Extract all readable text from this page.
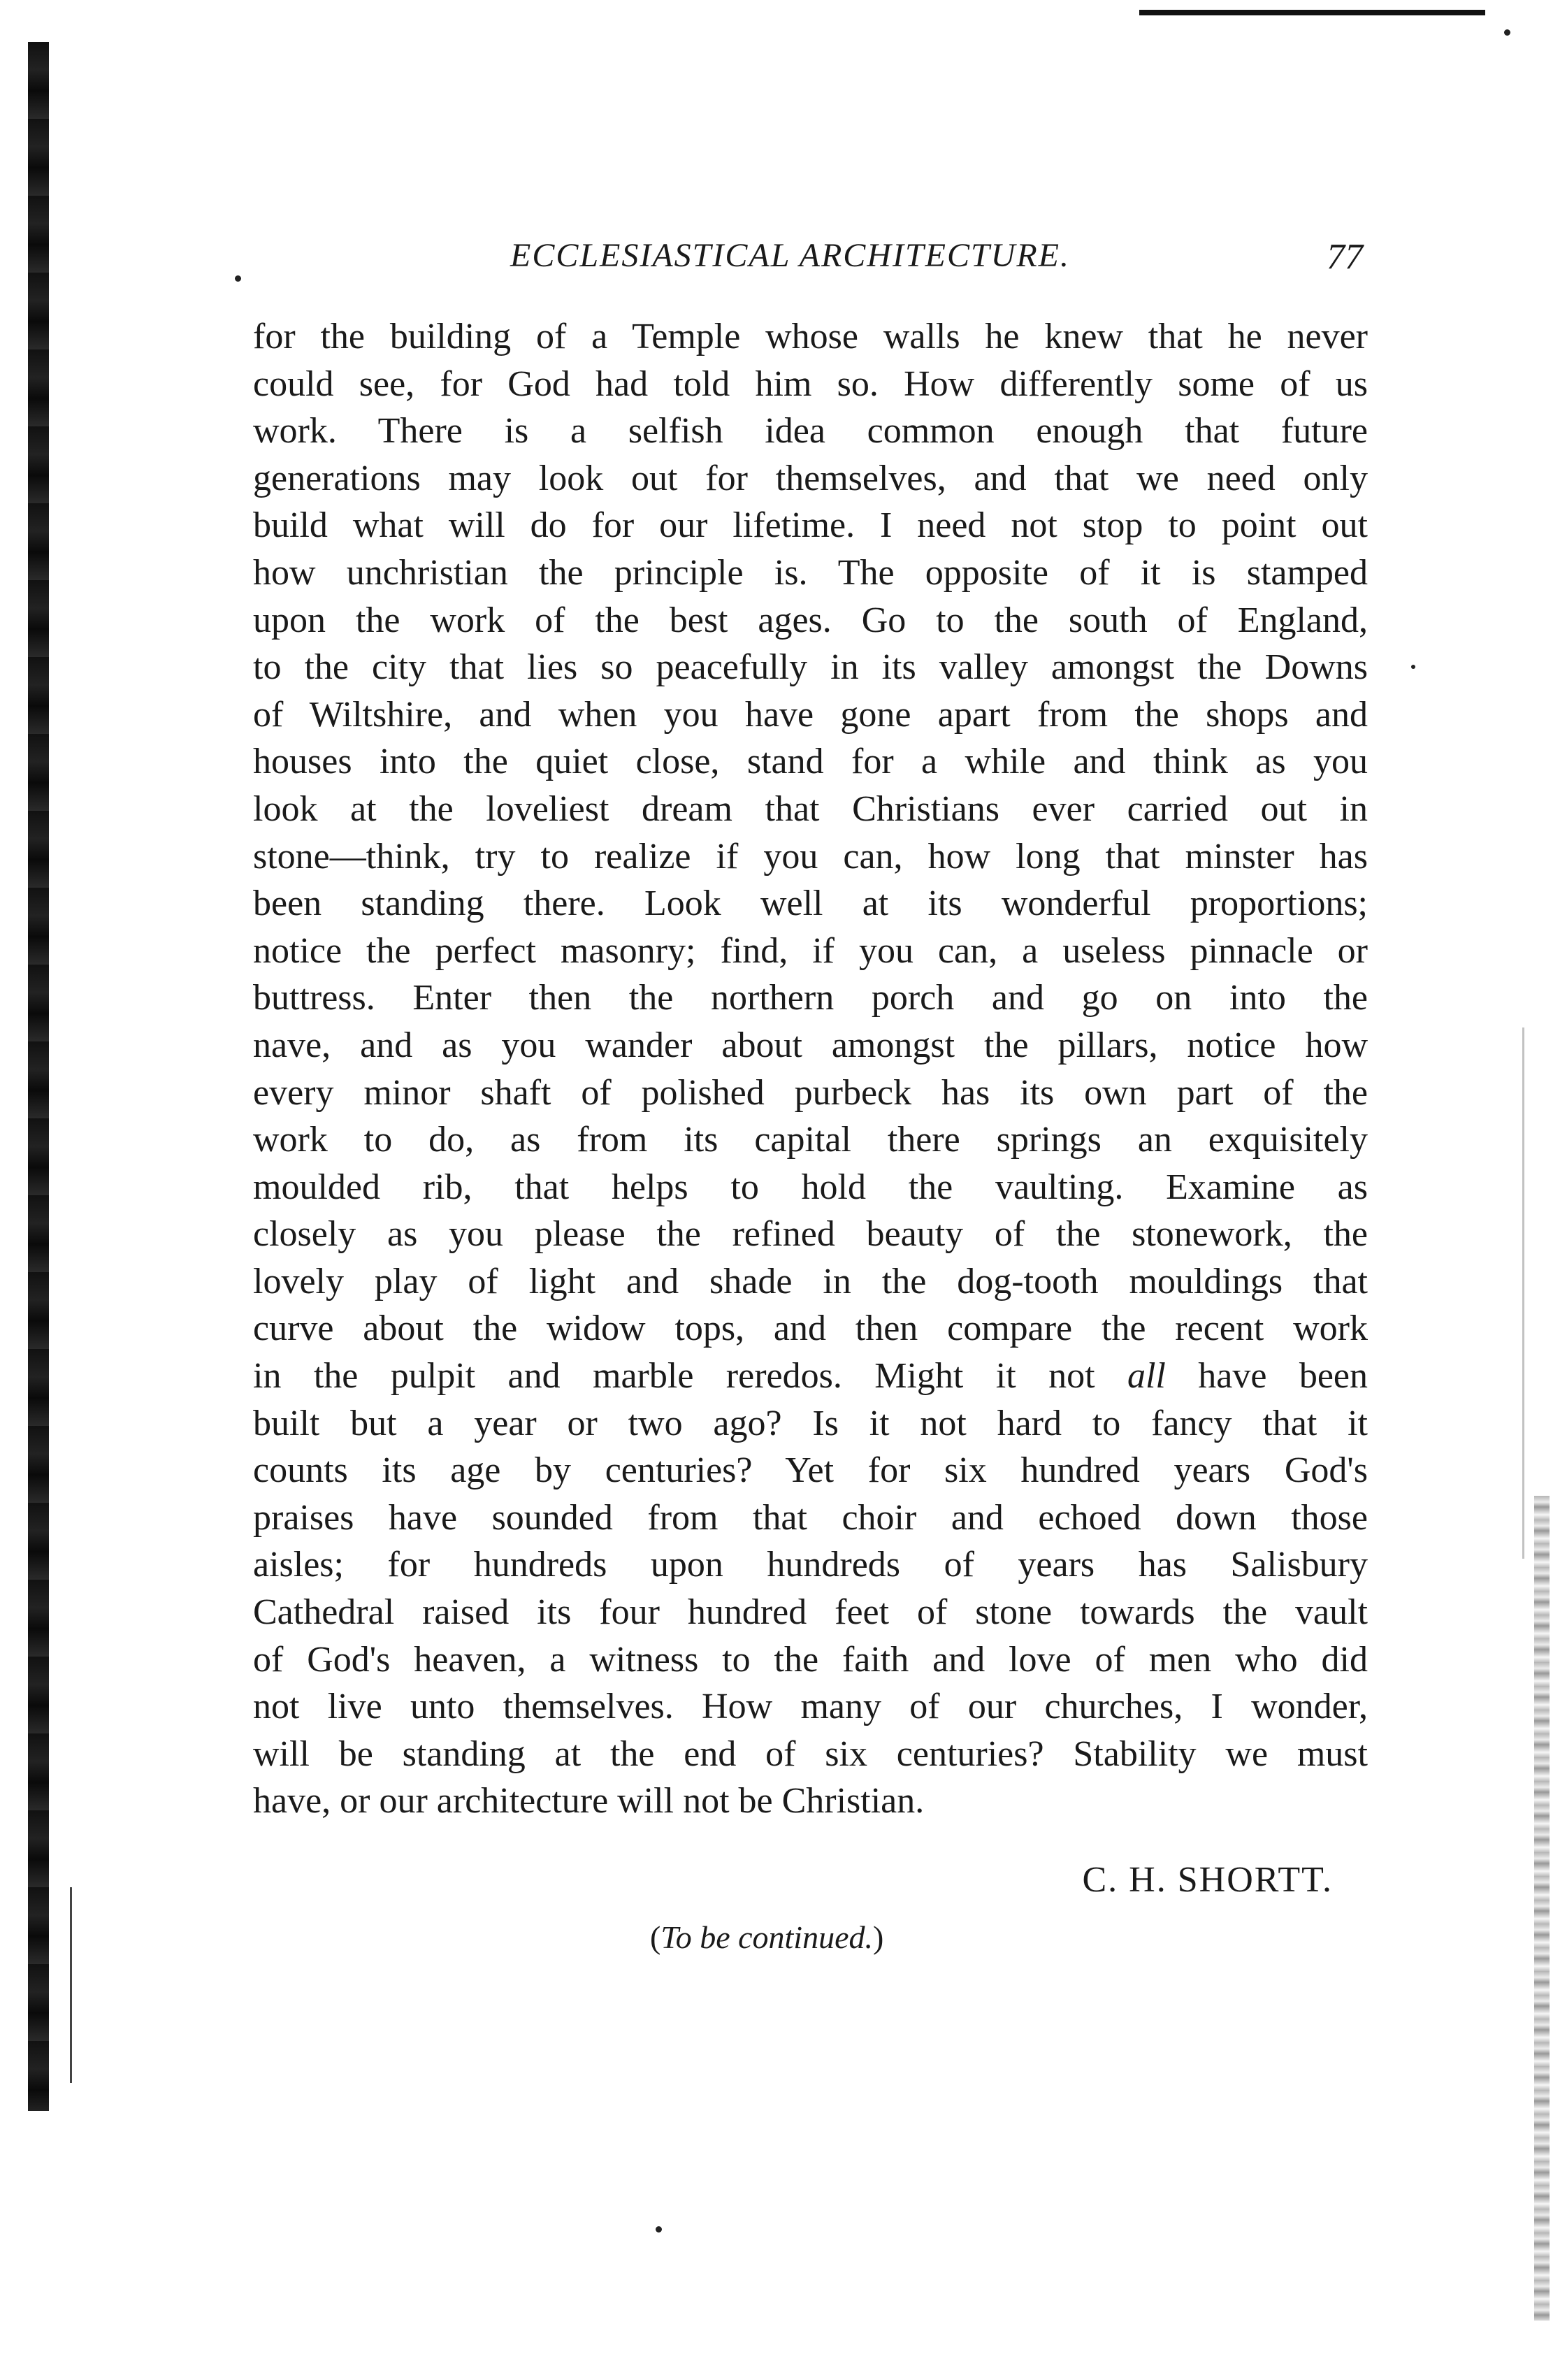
ECCLESIASTICAL ARCHITECTURE.	77
for the building of a Temple whose walls he knew that he never
could see, for God had told him so. How differently some of us
work. There is a selfish idea common enough that future
generations may look out for themselves, and that we need only
build what will do for our lifetime. I need not stop to point out
how unchristian the principle is. The opposite of it is stamped
upon the work of the best ages. Go to the south of England,
to the city that lies so peacefully in its valley amongst the Downs
of Wiltshire, and when you have gone apart from the shops and
houses into the quiet close, stand for a while and think as you
look at the loveliest dream that Christians ever carried out in
stone—think, try to realize if you can, how long that minster has
been standing there. Look well at its wonderful proportions;
notice the perfect masonry; find, if you can, a useless pinnacle or
buttress. Enter then the northern porch and go on into the
nave, and as you wander about amongst the pillars, notice how
every minor shaft of polished purbeck has its own part of the
work to do, as from its capital there springs an exquisitely
moulded rib, that helps to hold the vaulting. Examine as
closely as you please the refined beauty of the stonework, the
lovely play of light and shade in the dog-tooth mouldings that
curve about the widow tops, and then compare the recent work
in the pulpit and marble reredos. Might it not all have been
built but a year or two ago? Is it not hard to fancy that it
counts its age by centuries? Yet for six hundred years God's
praises have sounded from that choir and echoed down those
aisles; for hundreds upon hundreds of years has Salisbury
Cathedral raised its four hundred feet of stone towards the vault
of God's heaven, a witness to the faith and love of men who did
not live unto themselves. How many of our churches, I wonder,
will be standing at the end of six centuries? Stability we must
have, or our architecture will not be Christian.
C. H. SHORTT.
(To be continued.)
